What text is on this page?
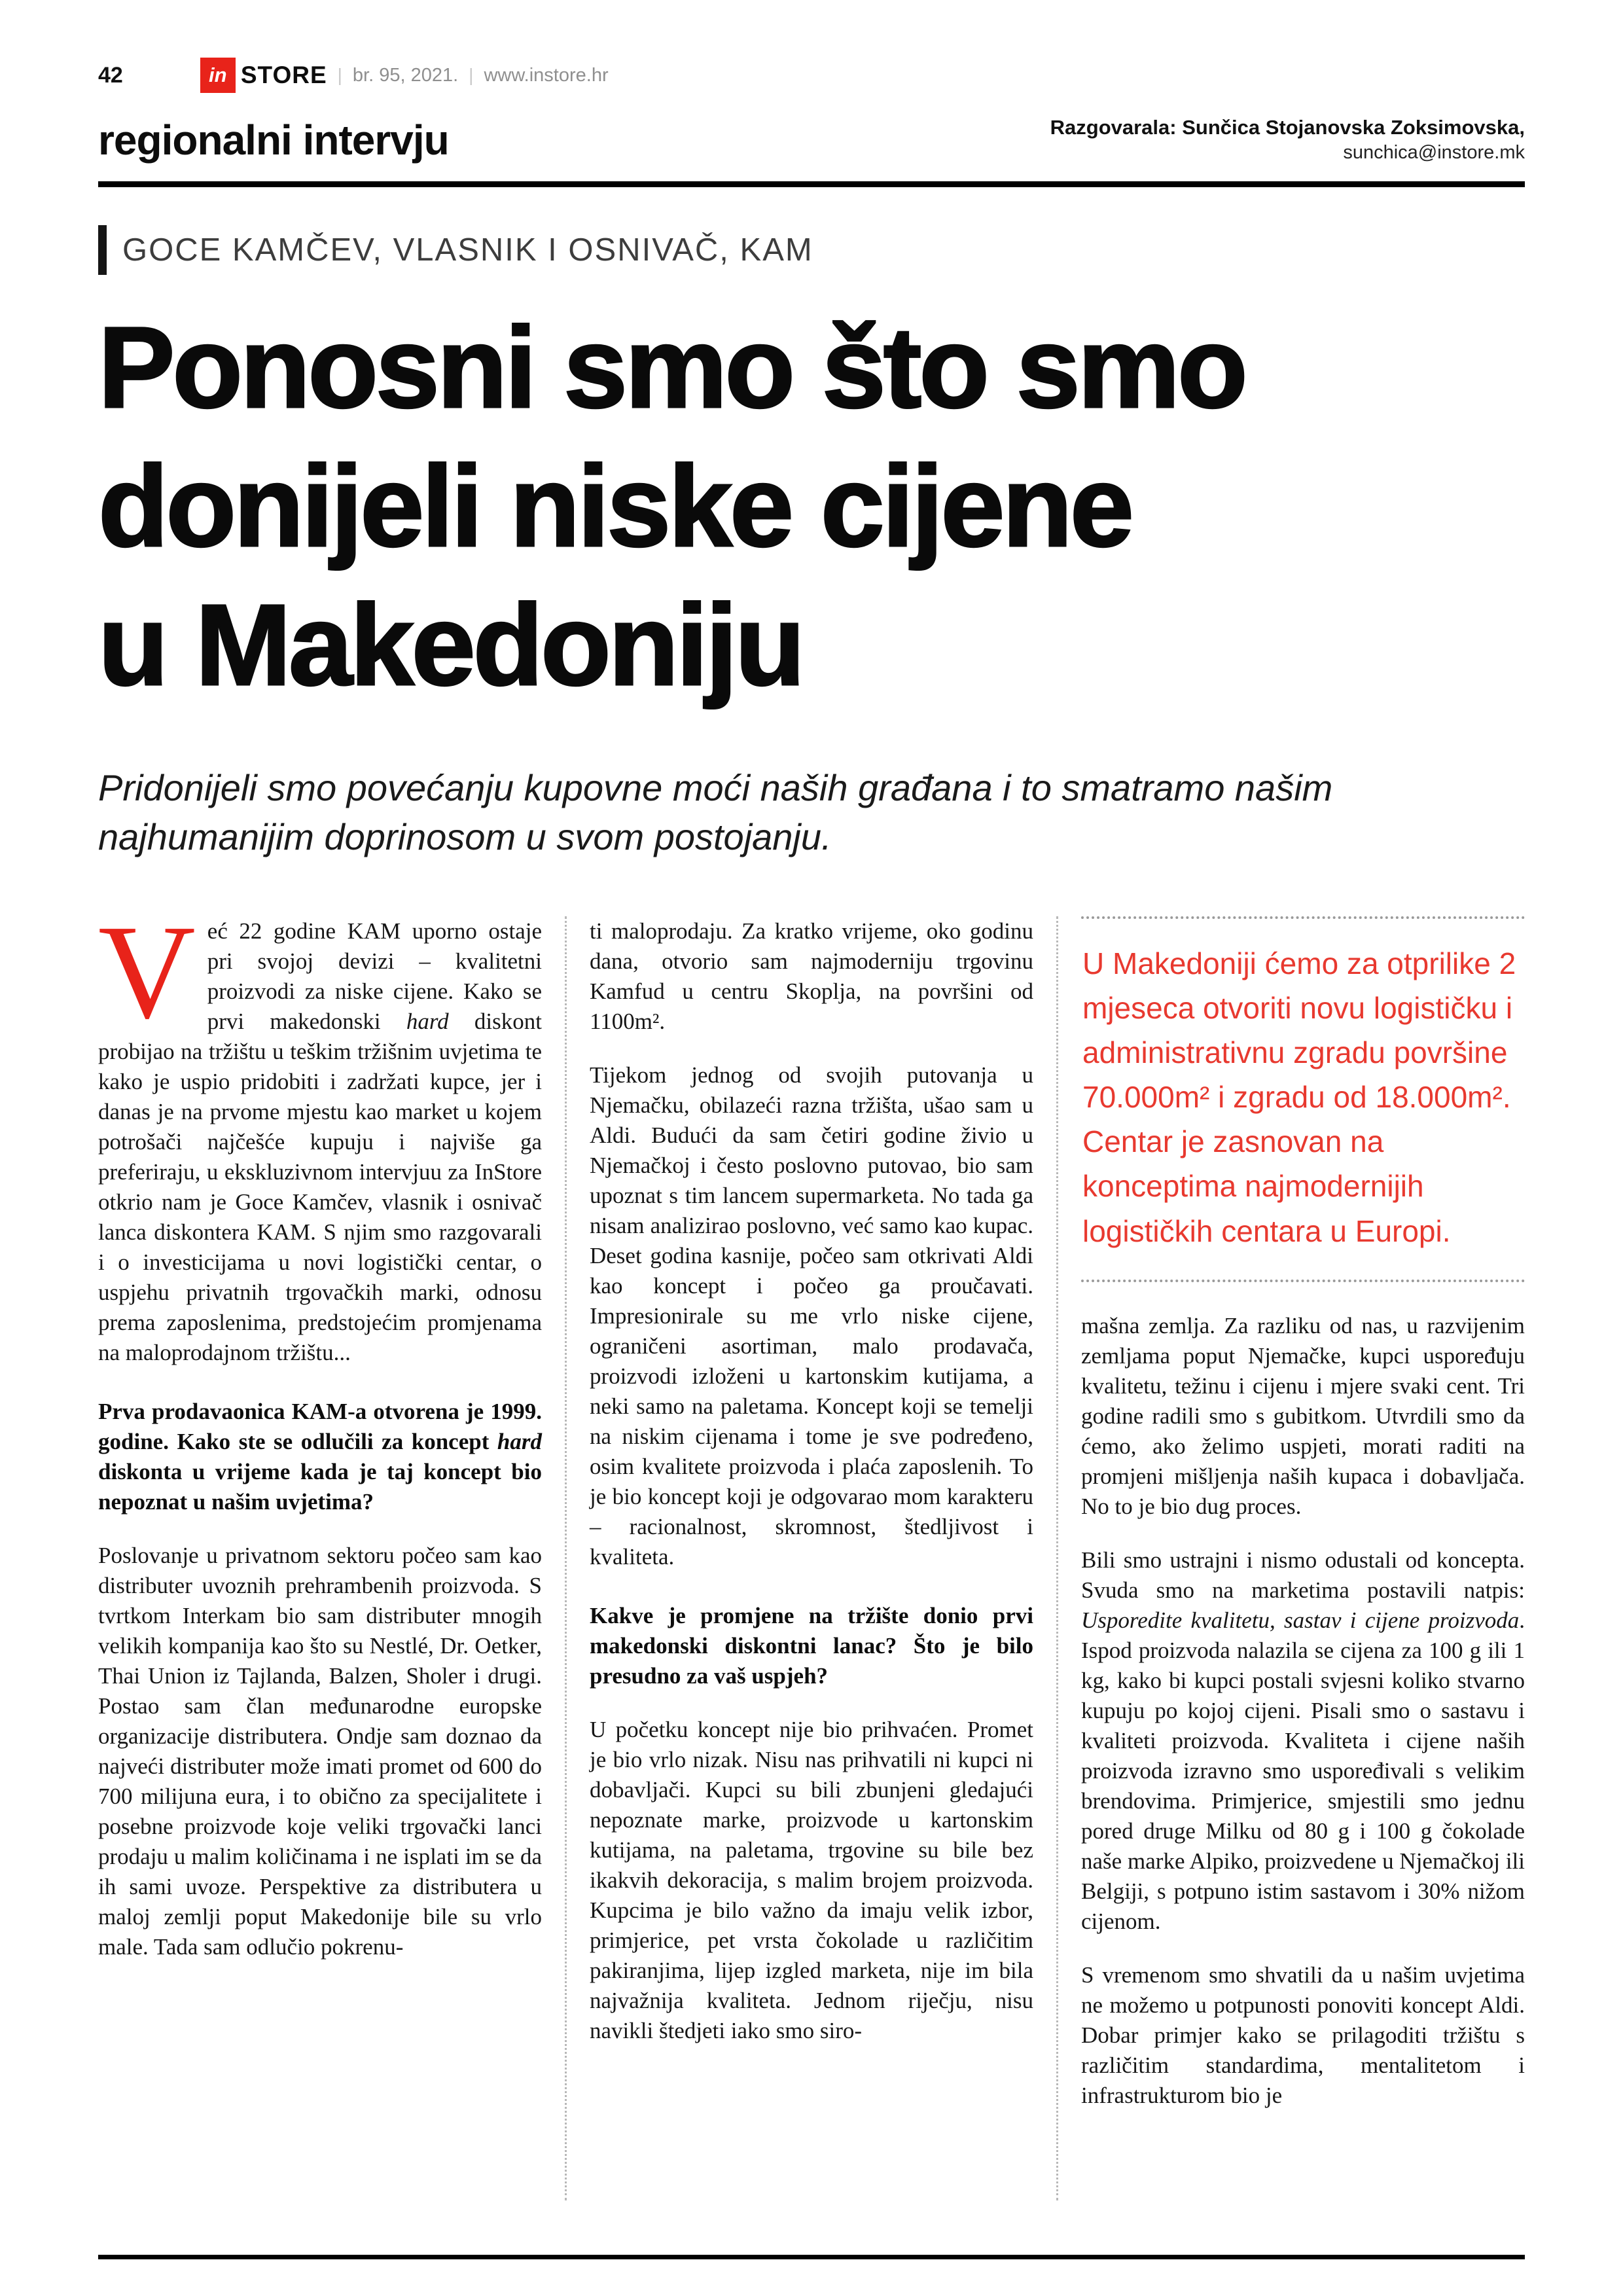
42	in STORE | br. 95, 2021. | www.instore.hr
regionalni intervju	Razgovarala: Sunčica Stojanovska Zoksimovska,
sunchica@instore.mk
GOCE KAMČEV, VLASNIK I OSNIVAČ, KAM
Ponosni smo što smo
donijeli niske cijene
u Makedoniju
Pridonijeli smo povećanju kupovne moći naših građana i to smatramo našim najhumanijim doprinosom u svom postojanju.

Već 22 godine KAM uporno ostaje pri svojoj devizi – kvalitetni proizvodi za niske cijene. Kako se prvi makedonski hard diskont probijao na tržištu u teškim tržišnim uvjetima te kako je uspio pridobiti i zadržati kupce, jer i danas je na prvome mjestu kao market u kojem potrošači najčešće kupuju i najviše ga preferiraju, u ekskluzivnom intervjuu za InStore otkrio nam je Goce Kamčev, vlasnik i osnivač lanca diskontera KAM. S njim smo razgovarali i o investicijama u novi logistički centar, o uspjehu privatnih trgovačkih marki, odnosu prema zaposlenima, predstojećim promjenama na maloprodajnom tržištu...

Prva prodavaonica KAM-a otvorena je 1999. godine. Kako ste se odlučili za koncept hard diskonta u vrijeme kada je taj koncept bio nepoznat u našim uvjetima?

Poslovanje u privatnom sektoru počeo sam kao distributer uvoznih prehrambenih proizvoda. S tvrtkom Interkam bio sam distributer mnogih velikih kompanija kao što su Nestlé, Dr. Oetker, Thai Union iz Tajlanda, Balzen, Sholer i drugi. Postao sam član međunarodne europske organizacije distributera. Ondje sam doznao da najveći distributer može imati promet od 600 do 700 milijuna eura, i to obično za specijalitete i posebne proizvode koje veliki trgovački lanci prodaju u malim količinama i ne isplati im se da ih sami uvoze. Perspektive za distributera u maloj zemlji poput Makedonije bile su vrlo male. Tada sam odlučio pokrenu-

ti maloprodaju. Za kratko vrijeme, oko godinu dana, otvorio sam najmoderniju trgovinu Kamfud u centru Skoplja, na površini od 1100m².

Tijekom jednog od svojih putovanja u Njemačku, obilazeći razna tržišta, ušao sam u Aldi. Budući da sam četiri godine živio u Njemačkoj i često poslovno putovao, bio sam upoznat s tim lancem supermarketa. No tada ga nisam analizirao poslovno, već samo kao kupac. Deset godina kasnije, počeo sam otkrivati Aldi kao koncept i počeo ga proučavati. Impresionirale su me vrlo niske cijene, ograničeni asortiman, malo prodavača, proizvodi izloženi u kartonskim kutijama, a neki samo na paletama. Koncept koji se temelji na niskim cijenama i tome je sve podređeno, osim kvalitete proizvoda i plaća zaposlenih. To je bio koncept koji je odgovarao mom karakteru – racionalnost, skromnost, štedljivost i kvaliteta.

Kakve je promjene na tržište donio prvi makedonski diskontni lanac? Što je bilo presudno za vaš uspjeh?

U početku koncept nije bio prihvaćen. Promet je bio vrlo nizak. Nisu nas prihvatili ni kupci ni dobavljači. Kupci su bili zbunjeni gledajući nepoznate marke, proizvode u kartonskim kutijama, na paletama, trgovine su bile bez ikakvih dekoracija, s malim brojem proizvoda. Kupcima je bilo važno da imaju velik izbor, primjerice, pet vrsta čokolade u različitim pakiranjima, lijep izgled marketa, nije im bila najvažnija kvaliteta. Jednom riječju, nisu navikli štedjeti iako smo siro-

U Makedoniji ćemo za otprilike 2 mjeseca otvoriti novu logističku i administrativnu zgradu površine 70.000m² i zgradu od 18.000m². Centar je zasnovan na konceptima najmodernijih logističkih centara u Europi.

mašna zemlja. Za razliku od nas, u razvijenim zemljama poput Njemačke, kupci uspoređuju kvalitetu, težinu i cijenu i mjere svaki cent. Tri godine radili smo s gubitkom. Utvrdili smo da ćemo, ako želimo uspjeti, morati raditi na promjeni mišljenja naših kupaca i dobavljača. No to je bio dug proces.

Bili smo ustrajni i nismo odustali od koncepta. Svuda smo na marketima postavili natpis: Usporedite kvalitetu, sastav i cijene proizvoda. Ispod proizvoda nalazila se cijena za 100 g ili 1 kg, kako bi kupci postali svjesni koliko stvarno kupuju po kojoj cijeni. Pisali smo o sastavu i kvaliteti proizvoda. Kvaliteta i cijene naših proizvoda izravno smo uspoređivali s velikim brendovima. Primjerice, smjestili smo jednu pored druge Milku od 80 g i 100 g čokolade naše marke Alpiko, proizvedene u Njemačkoj ili Belgiji, s potpuno istim sastavom i 30% nižom cijenom.

S vremenom smo shvatili da u našim uvjetima ne možemo u potpunosti ponoviti koncept Aldi. Dobar primjer kako se prilagoditi tržištu s različitim standardima, mentalitetom i infrastrukturom bio je
